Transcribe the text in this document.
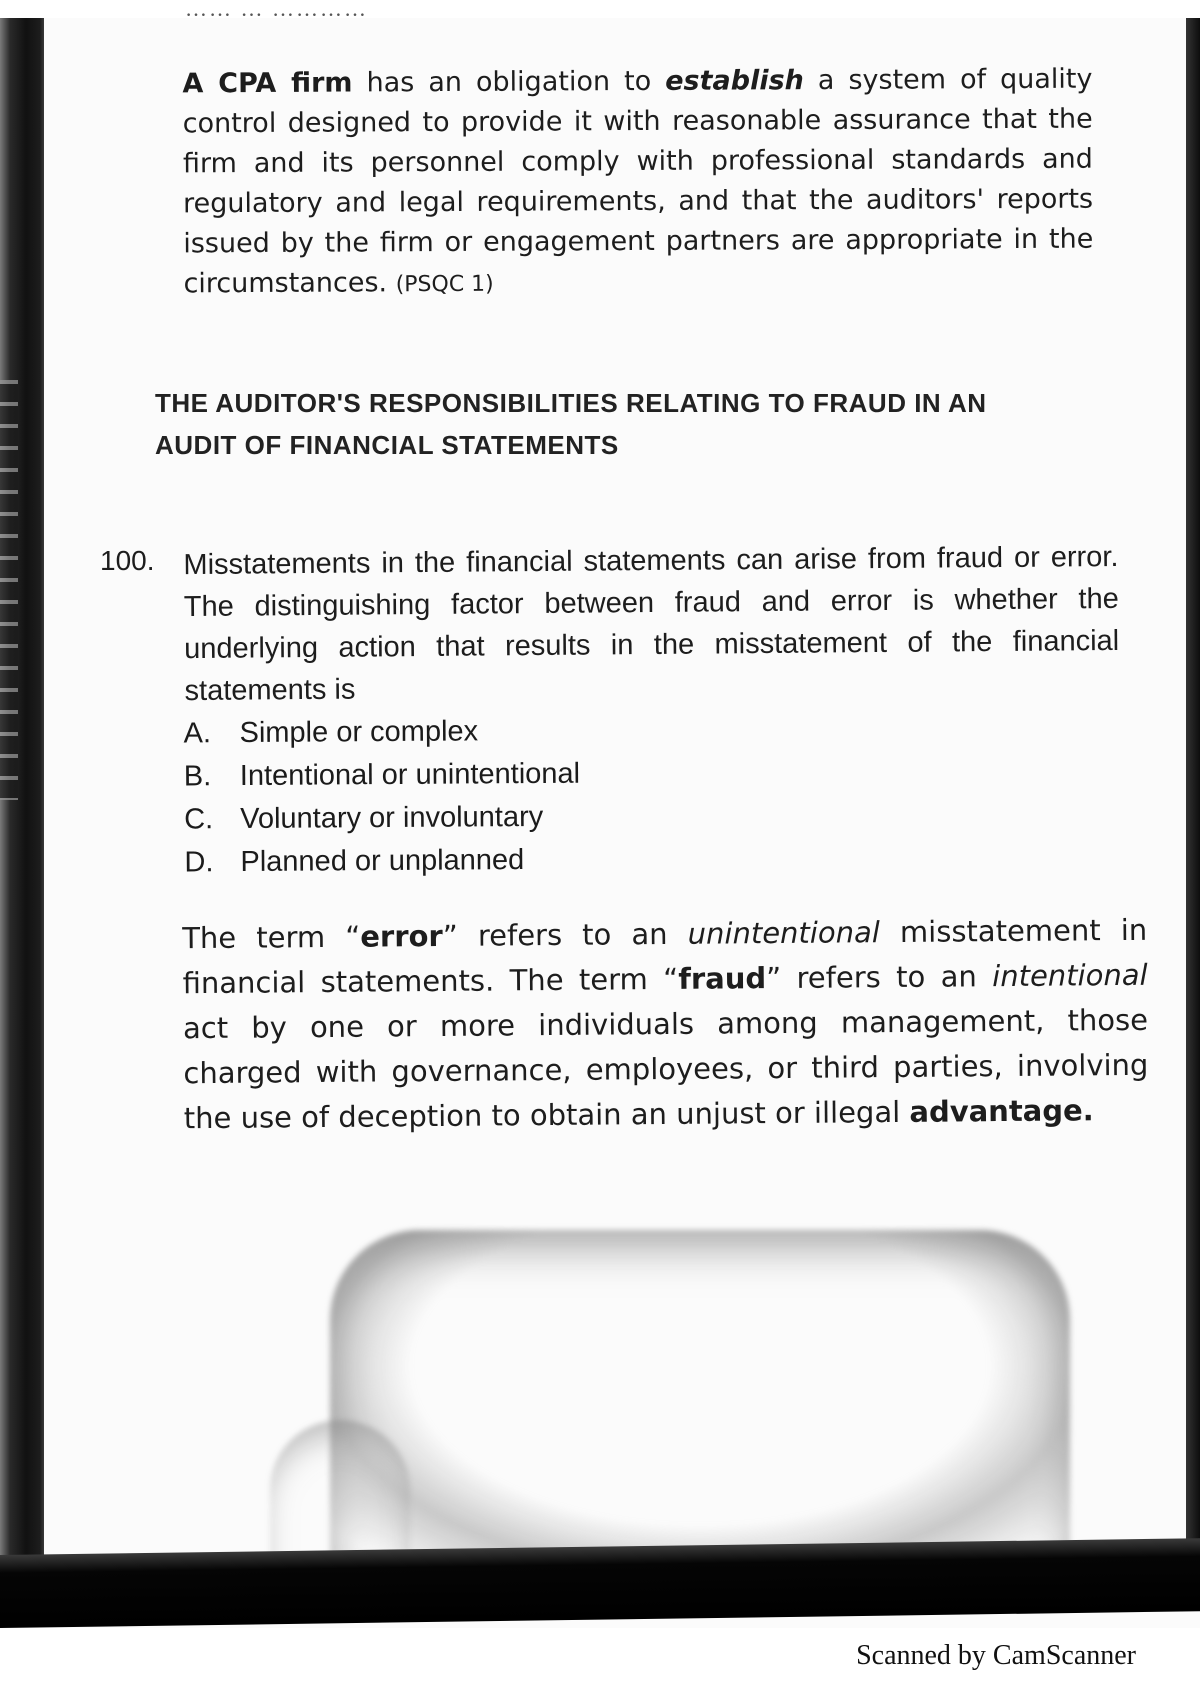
…… … …………
A CPA firm has an obligation to establish a system of quality control designed to provide it with reasonable assurance that the firm and its personnel comply with professional standards and regulatory and legal requirements, and that the auditors' reports issued by the firm or engagement partners are appropriate in the circumstances. (PSQC 1)
THE AUDITOR'S RESPONSIBILITIES RELATING TO FRAUD IN AN
AUDIT OF FINANCIAL STATEMENTS
100. Misstatements in the financial statements can arise from fraud or error. The distinguishing factor between fraud and error is whether the underlying action that results in the misstatement of the financial statements is
A. Simple or complex
B. Intentional or unintentional
C. Voluntary or involuntary
D. Planned or unplanned
The term “error” refers to an unintentional misstatement in financial statements. The term “fraud” refers to an intentional act by one or more individuals among management, those charged with governance, employees, or third parties, involving the use of deception to obtain an unjust or illegal advantage.
Scanned by CamScanner
